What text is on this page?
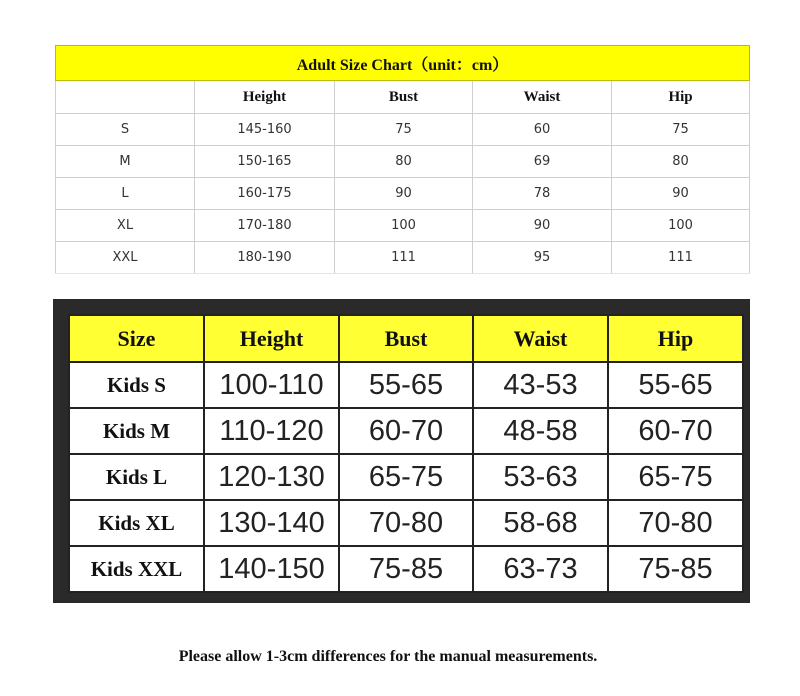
Adult Size Chart（unit：cm）				
	Height	Bust	Waist	Hip
S	145-160	75	60	75
M	150-165	80	69	80
L	160-175	90	78	90
XL	170-180	100	90	100
XXL	180-190	111	95	111
Size	Height	Bust	Waist	Hip
Kids S	100-110	55-65	43-53	55-65
Kids M	110-120	60-70	48-58	60-70
Kids L	120-130	65-75	53-63	65-75
Kids XL	130-140	70-80	58-68	70-80
Kids XXL	140-150	75-85	63-73	75-85
Please allow 1-3cm differences for the manual measurements.
